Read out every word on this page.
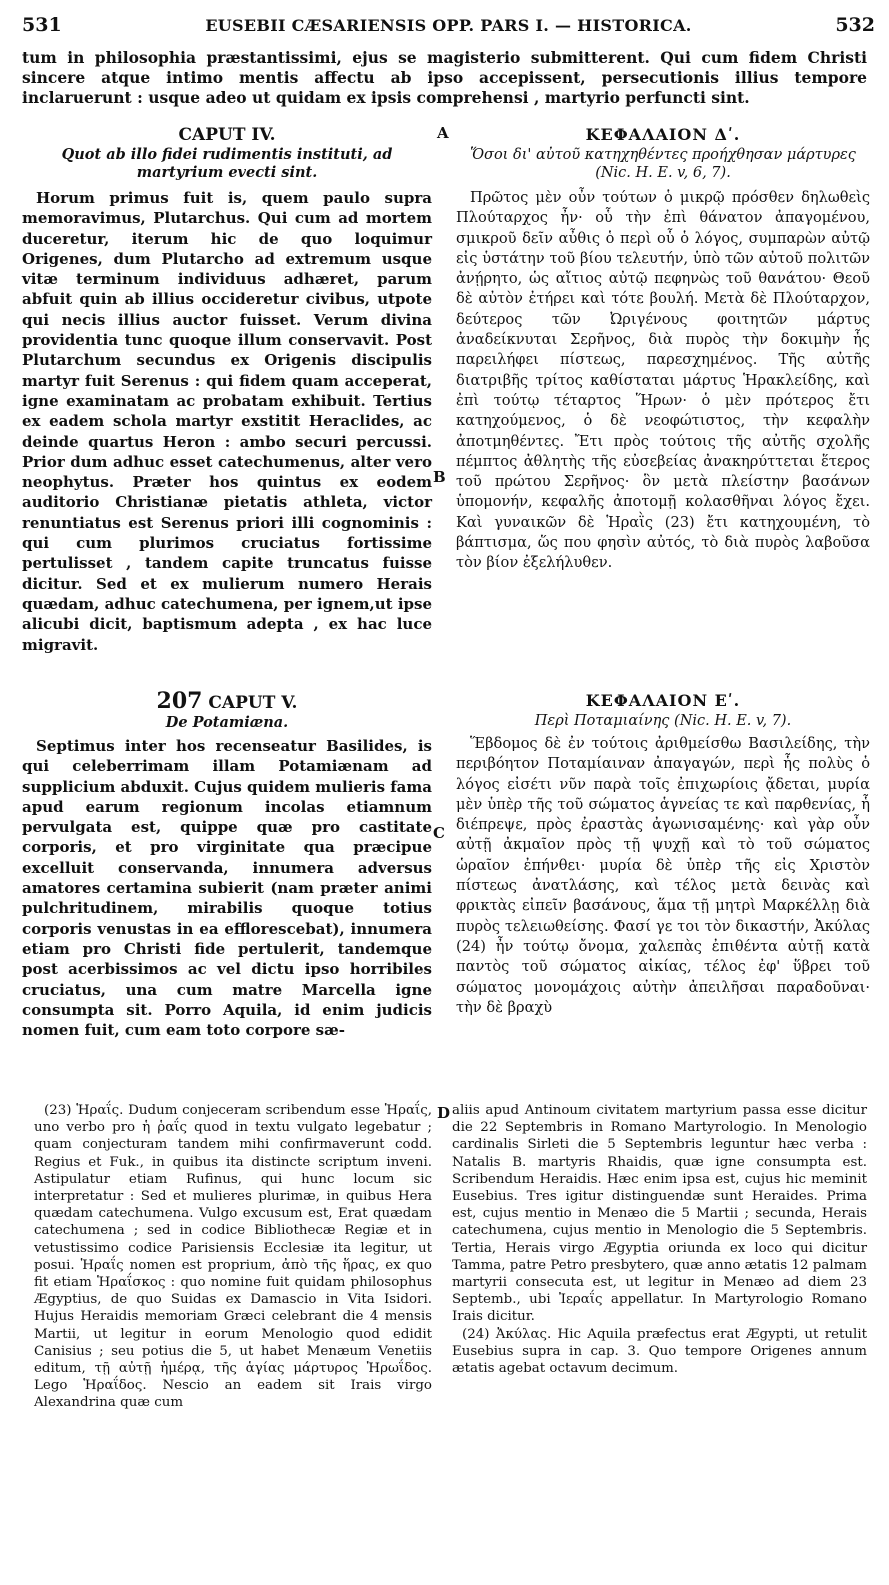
531	EUSEBII CÆSARIENSIS OPP. PARS I. — HISTORICA.	532
tum in philosophia præstantissimi, ejus se magisterio submitterent. Qui cum fidem Christi sincere atque intimo mentis affectu ab ipso accepissent, persecutionis illius tempore inclaruerunt : usque adeo ut quidam ex ipsis comprehensi , martyrio perfuncti sint.
A
B
C
D
CAPUT IV.
Quot ab illo fidei rudimentis instituti, ad martyrium evecti sint.

Horum primus fuit is, quem paulo supra memoravimus, Plutarchus. Qui cum ad mortem duceretur, iterum hic de quo loquimur Origenes, dum Plutarcho ad extremum usque vitæ terminum individuus adhæret, parum abfuit quin ab illius occideretur civibus, utpote qui necis illius auctor fuisset. Verum divina providentia tunc quoque illum conservavit. Post Plutarchum secundus ex Origenis discipulis martyr fuit Serenus : qui fidem quam acceperat, igne examinatam ac probatam exhibuit. Tertius ex eadem schola martyr exstitit Heraclides, ac deinde quartus Heron : ambo securi percussi. Prior dum adhuc esset catechumenus, alter vero neophytus. Præter hos quintus ex eodem auditorio Christianæ pietatis athleta, victor renuntiatus est Serenus priori illi cognominis : qui cum plurimos cruciatus fortissime pertulisset , tandem capite truncatus fuisse dicitur. Sed et ex mulierum numero Herais quædam, adhuc catechumena, per ignem,ut ipse alicubi dicit, baptismum adepta , ex hac luce migravit.

207 CAPUT V.
De Potamiæna.

Septimus inter hos recenseatur Basilides, is qui celeberrimam illam Potamiænam ad supplicium abduxit. Cujus quidem mulieris fama apud earum regionum incolas etiamnum pervulgata est, quippe quæ pro castitate corporis, et pro virginitate qua præcipue excelluit conservanda, innumera adversus amatores certamina subierit (nam præter animi pulchritudinem, mirabilis quoque totius corporis venustas in ea efflorescebat), innumera etiam pro Christi fide pertulerit, tandemque post acerbissimos ac vel dictu ipso horribiles cruciatus, una cum matre Marcella igne consumpta sit. Porro Aquila, id enim judicis nomen fuit, cum eam toto corpore sæ-

ΚΕΦΑΛΑΙΟΝ Δʹ.
Ὅσοι δι' αὐτοῦ κατηχηθέντες προήχθησαν μάρτυρες (Nic. H. E. v, 6, 7).

Πρῶτος μὲν οὖν τούτων ὁ μικρῷ πρόσθεν δηλωθεὶς Πλούταρχος ἦν· οὗ τὴν ἐπὶ θάνατον ἀπαγομένου, σμικροῦ δεῖν αὖθις ὁ περὶ οὗ ὁ λόγος, συμπαρὼν αὐτῷ εἰς ὑστάτην τοῦ βίου τελευτήν, ὑπὸ τῶν αὐτοῦ πολιτῶν ἀνῄρητο, ὡς αἴτιος αὐτῷ πεφηνὼς τοῦ θανάτου· Θεοῦ δὲ αὐτὸν ἐτήρει καὶ τότε βουλή. Μετὰ δὲ Πλούταρχον, δεύτερος τῶν Ὠριγένους φοιτητῶν μάρτυς ἀναδείκνυται Σερῆνος, διὰ πυρὸς τὴν δοκιμὴν ἧς παρειλήφει πίστεως, παρεσχημένος. Τῆς αὐτῆς διατριβῆς τρίτος καθίσταται μάρτυς Ἡρακλείδης, καὶ ἐπὶ τούτῳ τέταρτος Ἥρων· ὁ μὲν πρότερος ἔτι κατηχούμενος, ὁ δὲ νεοφώτιστος, τὴν κεφαλὴν ἀποτμηθέντες. Ἔτι πρὸς τούτοις τῆς αὐτῆς σχολῆς πέμπτος ἀθλητὴς τῆς εὐσεβείας ἀνακηρύττεται ἕτερος τοῦ πρώτου Σερῆνος· ὃν μετὰ πλείστην βασάνων ὑπομονήν, κεφαλῆς ἀποτομῇ κολασθῆναι λόγος ἔχει. Καὶ γυναικῶν δὲ Ἡραῒς (23) ἔτι κατηχουμένη, τὸ βάπτισμα, ὥς που φησὶν αὐτός, τὸ διὰ πυρὸς λαβοῦσα τὸν βίον ἐξελήλυθεν.

ΚΕΦΑΛΑΙΟΝ Εʹ.
Περὶ Ποταμιαίνης (Nic. H. E. v, 7).

Ἕβδομος δὲ ἐν τούτοις ἀριθμείσθω Βασιλείδης, τὴν περιβόητον Ποταμίαιναν ἀπαγαγών, περὶ ἧς πολὺς ὁ λόγος εἰσέτι νῦν παρὰ τοῖς ἐπιχωρίοις ᾄδεται, μυρία μὲν ὑπὲρ τῆς τοῦ σώματος ἁγνείας τε καὶ παρθενίας, ἧ διέπρεψε, πρὸς ἐραστὰς ἀγωνισαμένης· καὶ γὰρ οὖν αὐτῇ ἀκμαῖον πρὸς τῇ ψυχῇ καὶ τὸ τοῦ σώματος ὡραῖον ἐπήνθει· μυρία δὲ ὑπὲρ τῆς εἰς Χριστὸν πίστεως ἀνατλάσης, καὶ τέλος μετὰ δεινὰς καὶ φρικτὰς εἰπεῖν βασάνους, ἅμα τῇ μητρὶ Μαρκέλλῃ διὰ πυρὸς τελειωθείσης. Φασί γε τοι τὸν δικαστήν, Ἀκύλας (24) ἦν τούτῳ ὄνομα, χαλεπὰς ἐπιθέντα αὐτῇ κατὰ παντὸς τοῦ σώματος αἰκίας, τέλος ἐφ' ὕβρει τοῦ σώματος μονομάχοις αὐτὴν ἀπειλῆσαι παραδοῦναι· τὴν δὲ βραχὺ

(23) Ἡραΐς. Dudum conjeceram scribendum esse Ἡραΐς, uno verbo pro ἡ ῥαΐς quod in textu vulgato legebatur ; quam conjecturam tandem mihi confirmaverunt codd. Regius et Fuk., in quibus ita distincte scriptum inveni. Astipulatur etiam Rufinus, qui hunc locum sic interpretatur : Sed et mulieres plurimæ, in quibus Hera quædam catechumena. Vulgo excusum est, Erat quædam catechumena ; sed in codice Bibliothecæ Regiæ et in vetustissimo codice Parisiensis Ecclesiæ ita legitur, ut posui. Ἡραΐς nomen est proprium, ἀπὸ τῆς ἥρας, ex quo fit etiam Ἡραΐσκος : quo nomine fuit quidam philosophus Ægyptius, de quo Suidas ex Damascio in Vita Isidori. Hujus Heraidis memoriam Græci celebrant die 4 mensis Martii, ut legitur in eorum Menologio quod edidit Canisius ; seu potius die 5, ut habet Menæum Venetiis editum, τῇ αὐτῇ ἡμέρᾳ, τῆς ἁγίας μάρτυρος Ἡρωΐδος. Lego Ἡραΐδος. Nescio an eadem sit Irais virgo Alexandrina quæ cum

aliis apud Antinoum civitatem martyrium passa esse dicitur die 22 Septembris in Romano Martyrologio. In Menologio cardinalis Sirleti die 5 Septembris leguntur hæc verba : Natalis B. martyris Rhaidis, quæ igne consumpta est. Scribendum Heraidis. Hæc enim ipsa est, cujus hic meminit Eusebius. Tres igitur distinguendæ sunt Heraides. Prima est, cujus mentio in Menæo die 5 Martii ; secunda, Herais catechumena, cujus mentio in Menologio die 5 Septembris. Tertia, Herais virgo Ægyptia oriunda ex loco qui dicitur Tamma, patre Petro presbytero, quæ anno ætatis 12 palmam martyrii consecuta est, ut legitur in Menæo ad diem 23 Septemb., ubi Ἰεραΐς appellatur. In Martyrologio Romano Irais dicitur.

(24) Ἀκύλας. Hic Aquila præfectus erat Ægypti, ut retulit Eusebius supra in cap. 3. Quo tempore Origenes annum ætatis agebat octavum decimum.
